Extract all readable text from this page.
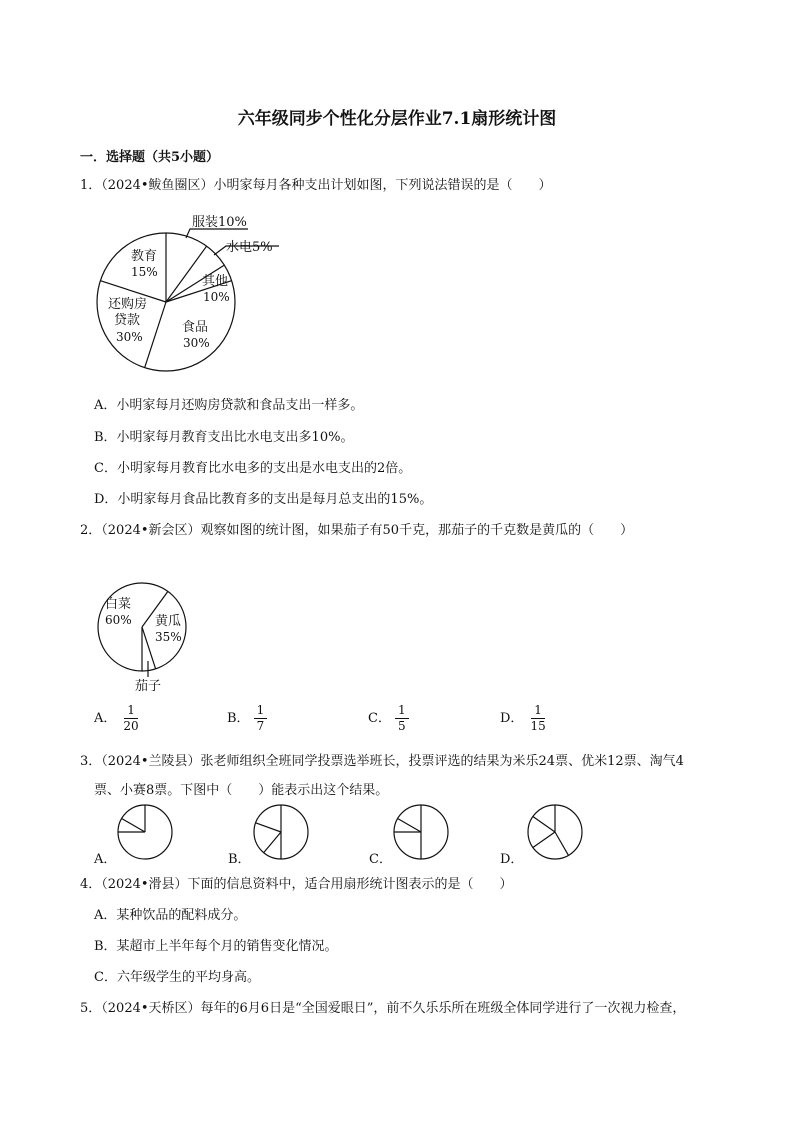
六年级同步个性化分层作业7.1扇形统计图
一．选择题（共5小题）
1．（2024•鲅鱼圈区）小明家每月各种支出计划如图，下列说法错误的是（　　）
服装10%
水电5%
其他
10%
教育
15%
还购房
贷款
30%
食品
30%
A．小明家每月还购房贷款和食品支出一样多。
B．小明家每月教育支出比水电支出多10%。
C．小明家每月教育比水电多的支出是水电支出的2倍。
D．小明家每月食品比教育多的支出是每月总支出的15%。
2．（2024•新会区）观察如图的统计图，如果茄子有50千克，那茄子的千克数是黄瓜的（　　）
白菜
60% 黄瓜
35%
茄子
A． $\frac{1}{20}$	B． $\frac{1}{7}$	C． $\frac{1}{5}$	D． $\frac{1}{15}$
3．（2024•兰陵县）张老师组织全班同学投票选举班长，投票评选的结果为米乐24票、优米12票、淘气4
票、小赛8票。下图中（　　）能表示出这个结果。
A．	B．	C．	D．
4．（2024•滑县）下面的信息资料中，适合用扇形统计图表示的是（　　）
A．某种饮品的配料成分。
B．某超市上半年每个月的销售变化情况。
C．六年级学生的平均身高。
5．（2024•天桥区）每年的6月6日是“全国爱眼日”，前不久乐乐所在班级全体同学进行了一次视力检查，
